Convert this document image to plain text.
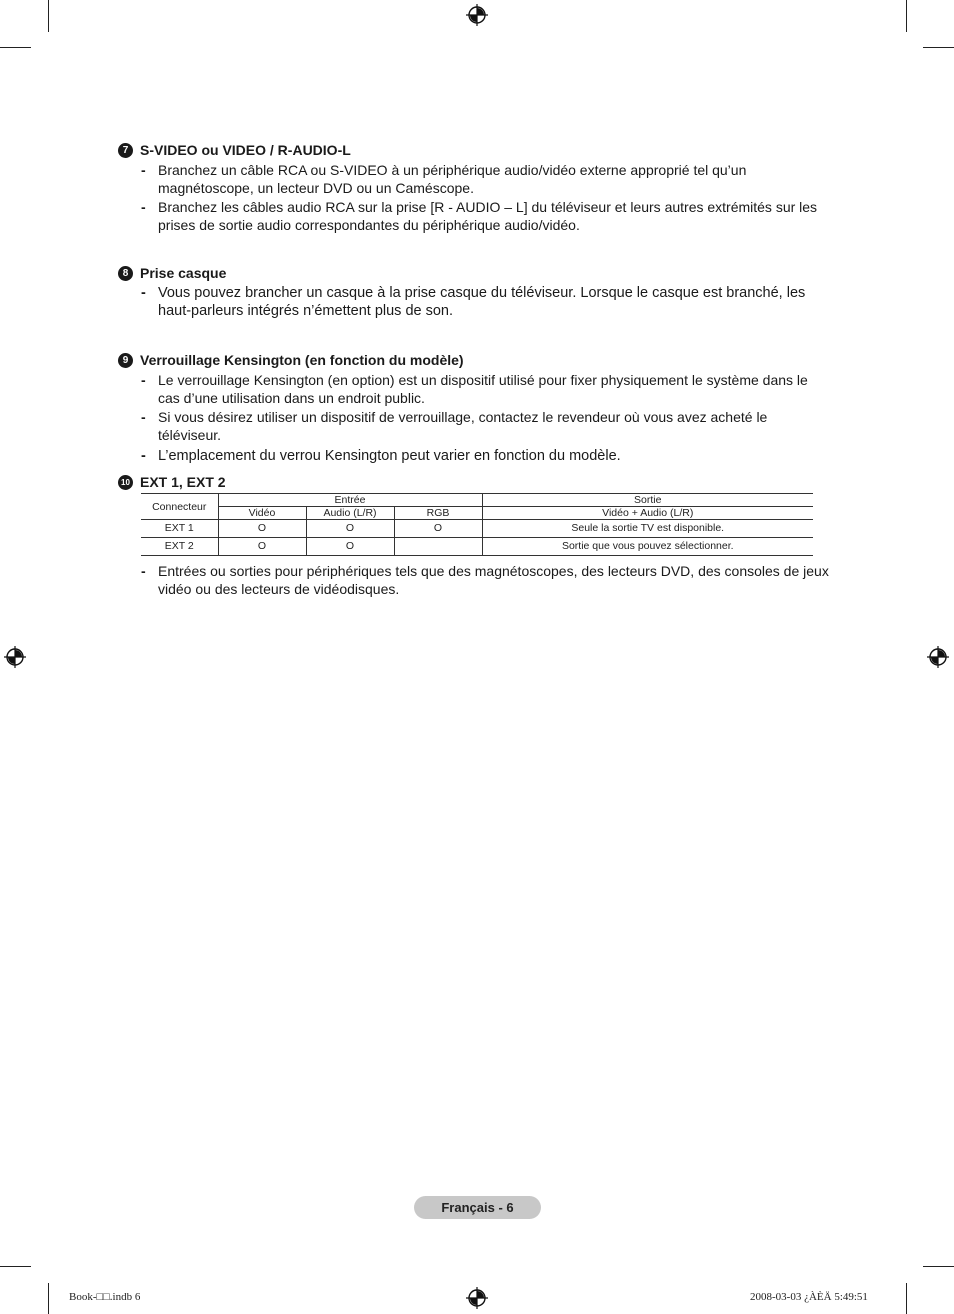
7 S-VIDEO ou VIDEO / R-AUDIO-L
- Branchez un câble RCA ou S-VIDEO à un périphérique audio/vidéo externe approprié tel qu’un magnétoscope, un lecteur DVD ou un Caméscope.
- Branchez les câbles audio RCA sur la prise [R - AUDIO – L] du téléviseur et leurs autres extrémités sur les prises de sortie audio correspondantes du périphérique audio/vidéo.
8 Prise casque
- Vous pouvez brancher un casque à la prise casque du téléviseur. Lorsque le casque est branché, les haut-parleurs intégrés n’émettent plus de son.
9 Verrouillage Kensington (en fonction du modèle)
- Le verrouillage Kensington (en option) est un dispositif utilisé pour fixer physiquement le système dans le cas d’une utilisation dans un endroit public.
- Si vous désirez utiliser un dispositif de verrouillage, contactez le revendeur où vous avez acheté le téléviseur.
- L’emplacement du verrou Kensington peut varier en fonction du modèle.
10 EXT 1, EXT 2
Connecteur	Entrée			Sortie
	Vidéo	Audio (L/R)	RGB	Vidéo + Audio (L/R)
EXT 1	O	O	O	Seule la sortie TV est disponible.
EXT 2	O	O		Sortie que vous pouvez sélectionner.
- Entrées ou sorties pour périphériques tels que des magnétoscopes, des lecteurs DVD, des consoles de jeux vidéo ou des lecteurs de vidéodisques.
Français - 6
Book-□□.indb 6	2008-03-03 ¿ÀÈÄ 5:49:51
